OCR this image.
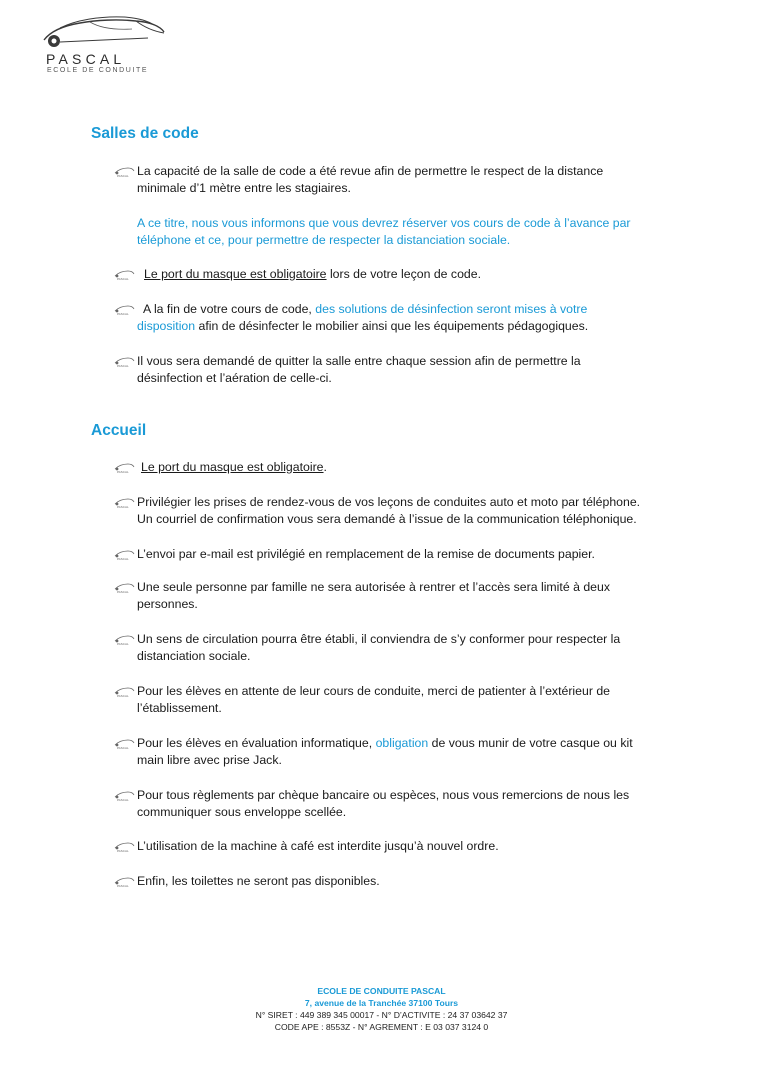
PASCAL
ECOLE DE CONDUITE
Salles de code
PASCAL La capacité de la salle de code a été revue afin de permettre le respect de la distance
minimale d’1 mètre entre les stagiaires.
A ce titre, nous vous informons que vous devrez réserver vos cours de code à l’avance par
téléphone et ce, pour permettre de respecter la distanciation sociale.
PASCAL	Le port du masque est obligatoire lors de votre leçon de code.
PASCAL	A la fin de votre cours de code, des solutions de désinfection seront mises à votre
disposition afin de désinfecter le mobilier ainsi que les équipements pédagogiques.
PASCAL Il vous sera demandé de quitter la salle entre chaque session afin de permettre la
désinfection et l’aération de celle-ci.
Accueil
PASCAL	Le port du masque est obligatoire.
PASCAL Privilégier les prises de rendez-vous de vos leçons de conduites auto et moto par téléphone.
Un courriel de confirmation vous sera demandé à l’issue de la communication téléphonique.
PASCAL L’envoi par e-mail est privilégié en remplacement de la remise de documents papier.
PASCAL Une seule personne par famille ne sera autorisée à rentrer et l’accès sera limité à deux
personnes.
PASCAL Un sens de circulation pourra être établi, il conviendra de s’y conformer pour respecter la
distanciation sociale.
PASCAL Pour les élèves en attente de leur cours de conduite, merci de patienter à l’extérieur de
l’établissement.
PASCAL Pour les élèves en évaluation informatique, obligation de vous munir de votre casque ou kit
main libre avec prise Jack.
PASCAL Pour tous règlements par chèque bancaire ou espèces, nous vous remercions de nous les
communiquer sous enveloppe scellée.
PASCAL L’utilisation de la machine à café est interdite jusqu’à nouvel ordre.
PASCAL Enfin, les toilettes ne seront pas disponibles.
ECOLE DE CONDUITE PASCAL
7, avenue de la Tranchée 37100 Tours
N° SIRET : 449 389 345 00017 - N° D’ACTIVITE : 24 37 03642 37
CODE APE : 8553Z - N° AGREMENT : E 03 037 3124 0
